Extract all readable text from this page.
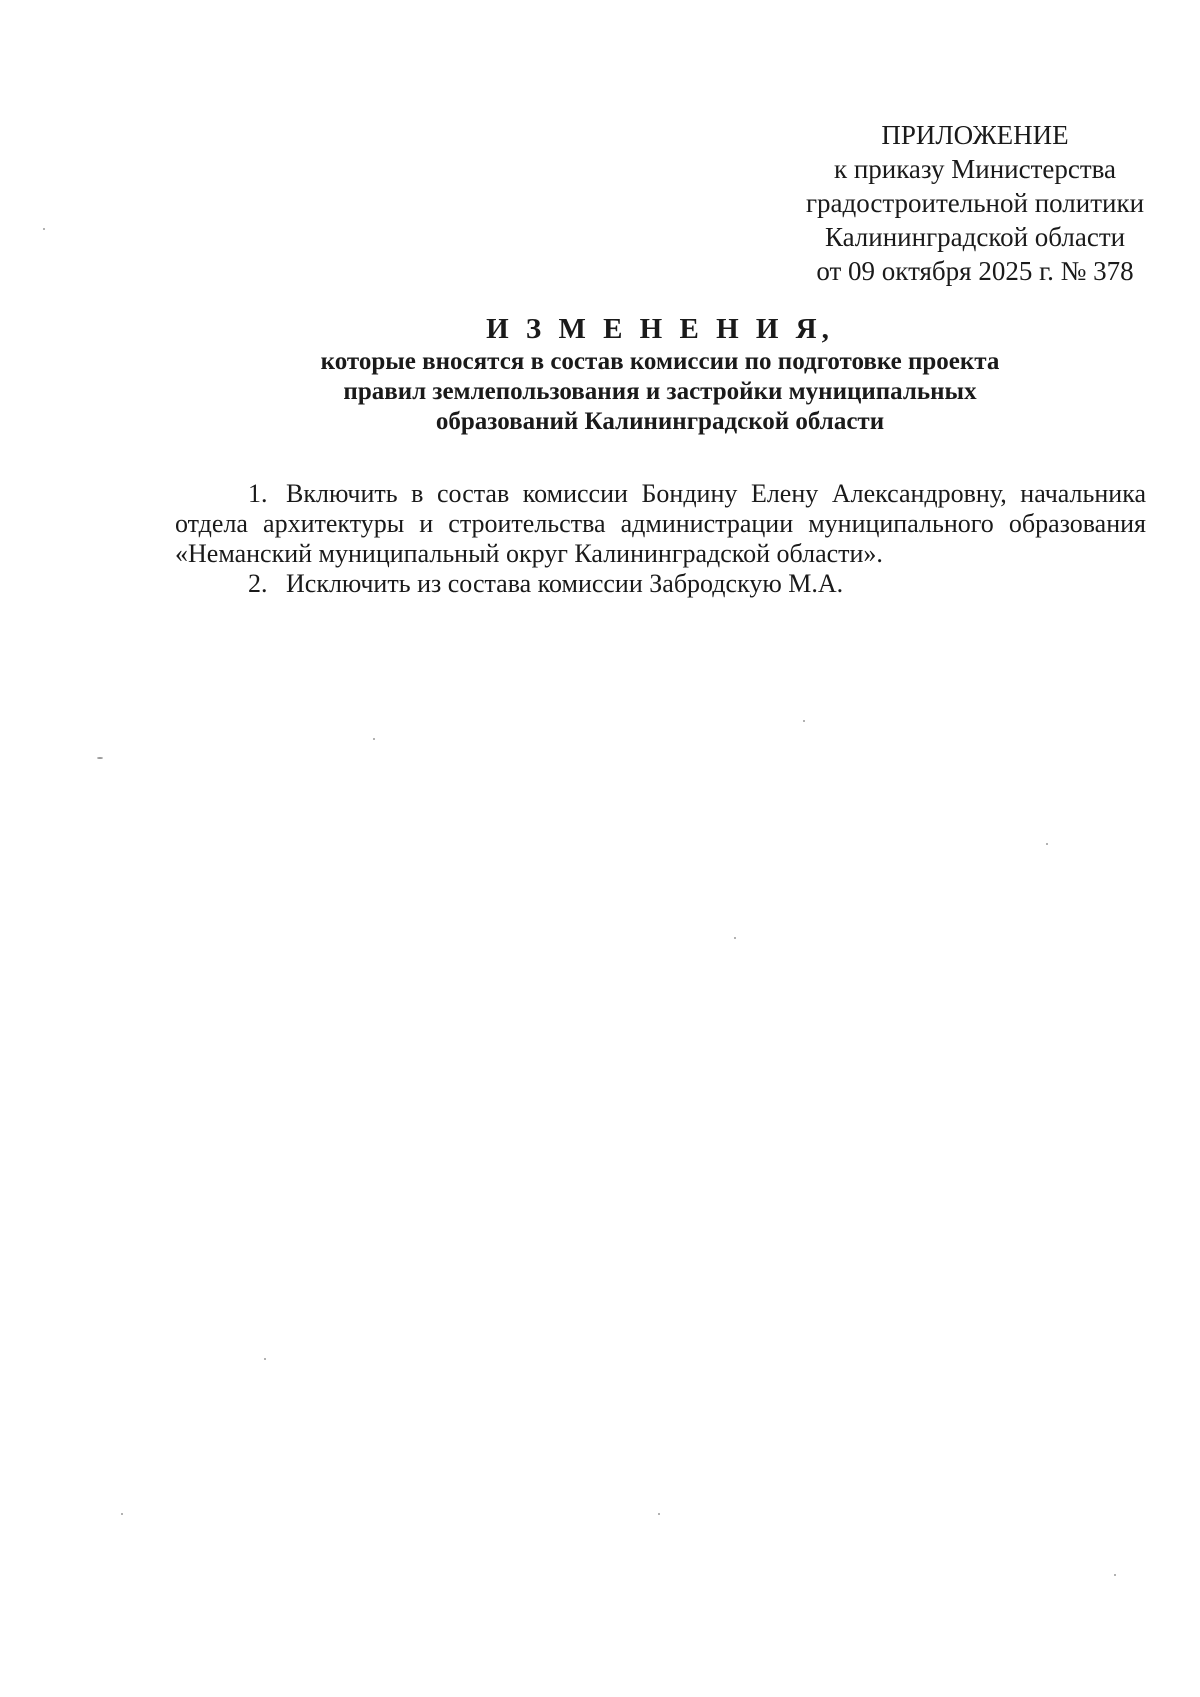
ПРИЛОЖЕНИЕ
к приказу Министерства
градостроительной политики
Калининградской области
от 09 октября 2025 г. № 378
И З М Е Н Е Н И Я,
которые вносятся в состав комиссии по подготовке проекта
правил землепользования и застройки муниципальных
образований Калининградской области
1. Включить в состав комиссии Бондину Елену Александровну, начальника отдела архитектуры и строительства администрации муниципального образования «Неманский муниципальный округ Калининградской области».
2. Исключить из состава комиссии Забродскую М.А.
